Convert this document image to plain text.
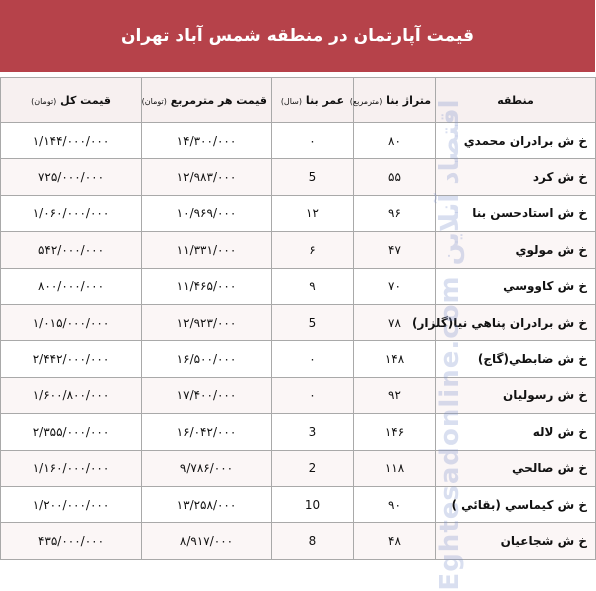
قیمت آپارتمان در منطقه شمس آباد تهران
منطقه	متراژ بنا (مترمربع)	عمر بنا (سال)	قیمت هر مترمربع (تومان)	قیمت کل (تومان)
خ ش برادران محمدي	۸۰	۰	۱۴/۳۰۰/۰۰۰	۱/۱۴۴/۰۰۰/۰۰۰
خ ش کرد	۵۵	5	۱۲/۹۸۳/۰۰۰	۷۲۵/۰۰۰/۰۰۰
خ ش استادحسن بنا	۹۶	۱۲	۱۰/۹۶۹/۰۰۰	۱/۰۶۰/۰۰۰/۰۰۰
خ ش مولوي	۴۷	۶	۱۱/۳۳۱/۰۰۰	۵۴۲/۰۰۰/۰۰۰
خ ش کاووسي	۷۰	۹	۱۱/۴۶۵/۰۰۰	۸۰۰/۰۰۰/۰۰۰
خ ش برادران پناهي نيا(گلزار)	۷۸	5	۱۲/۹۲۳/۰۰۰	۱/۰۱۵/۰۰۰/۰۰۰
خ ش ضابطي(گاج)	۱۴۸	۰	۱۶/۵۰۰/۰۰۰	۲/۴۴۲/۰۰۰/۰۰۰
خ ش رسوليان	۹۲	۰	۱۷/۴۰۰/۰۰۰	۱/۶۰۰/۸۰۰/۰۰۰
خ ش لاله	۱۴۶	3	۱۶/۰۴۲/۰۰۰	۲/۳۵۵/۰۰۰/۰۰۰
خ ش صالحي	۱۱۸	2	۹/۷۸۶/۰۰۰	۱/۱۶۰/۰۰۰/۰۰۰
خ ش کيماسي (بقائي )	۹۰	10	۱۳/۲۵۸/۰۰۰	۱/۲۰۰/۰۰۰/۰۰۰
خ ش شجاعيان	۴۸	8	۸/۹۱۷/۰۰۰	۴۳۵/۰۰۰/۰۰۰	Eghtesadonline.com اقتصاد آنلاین
